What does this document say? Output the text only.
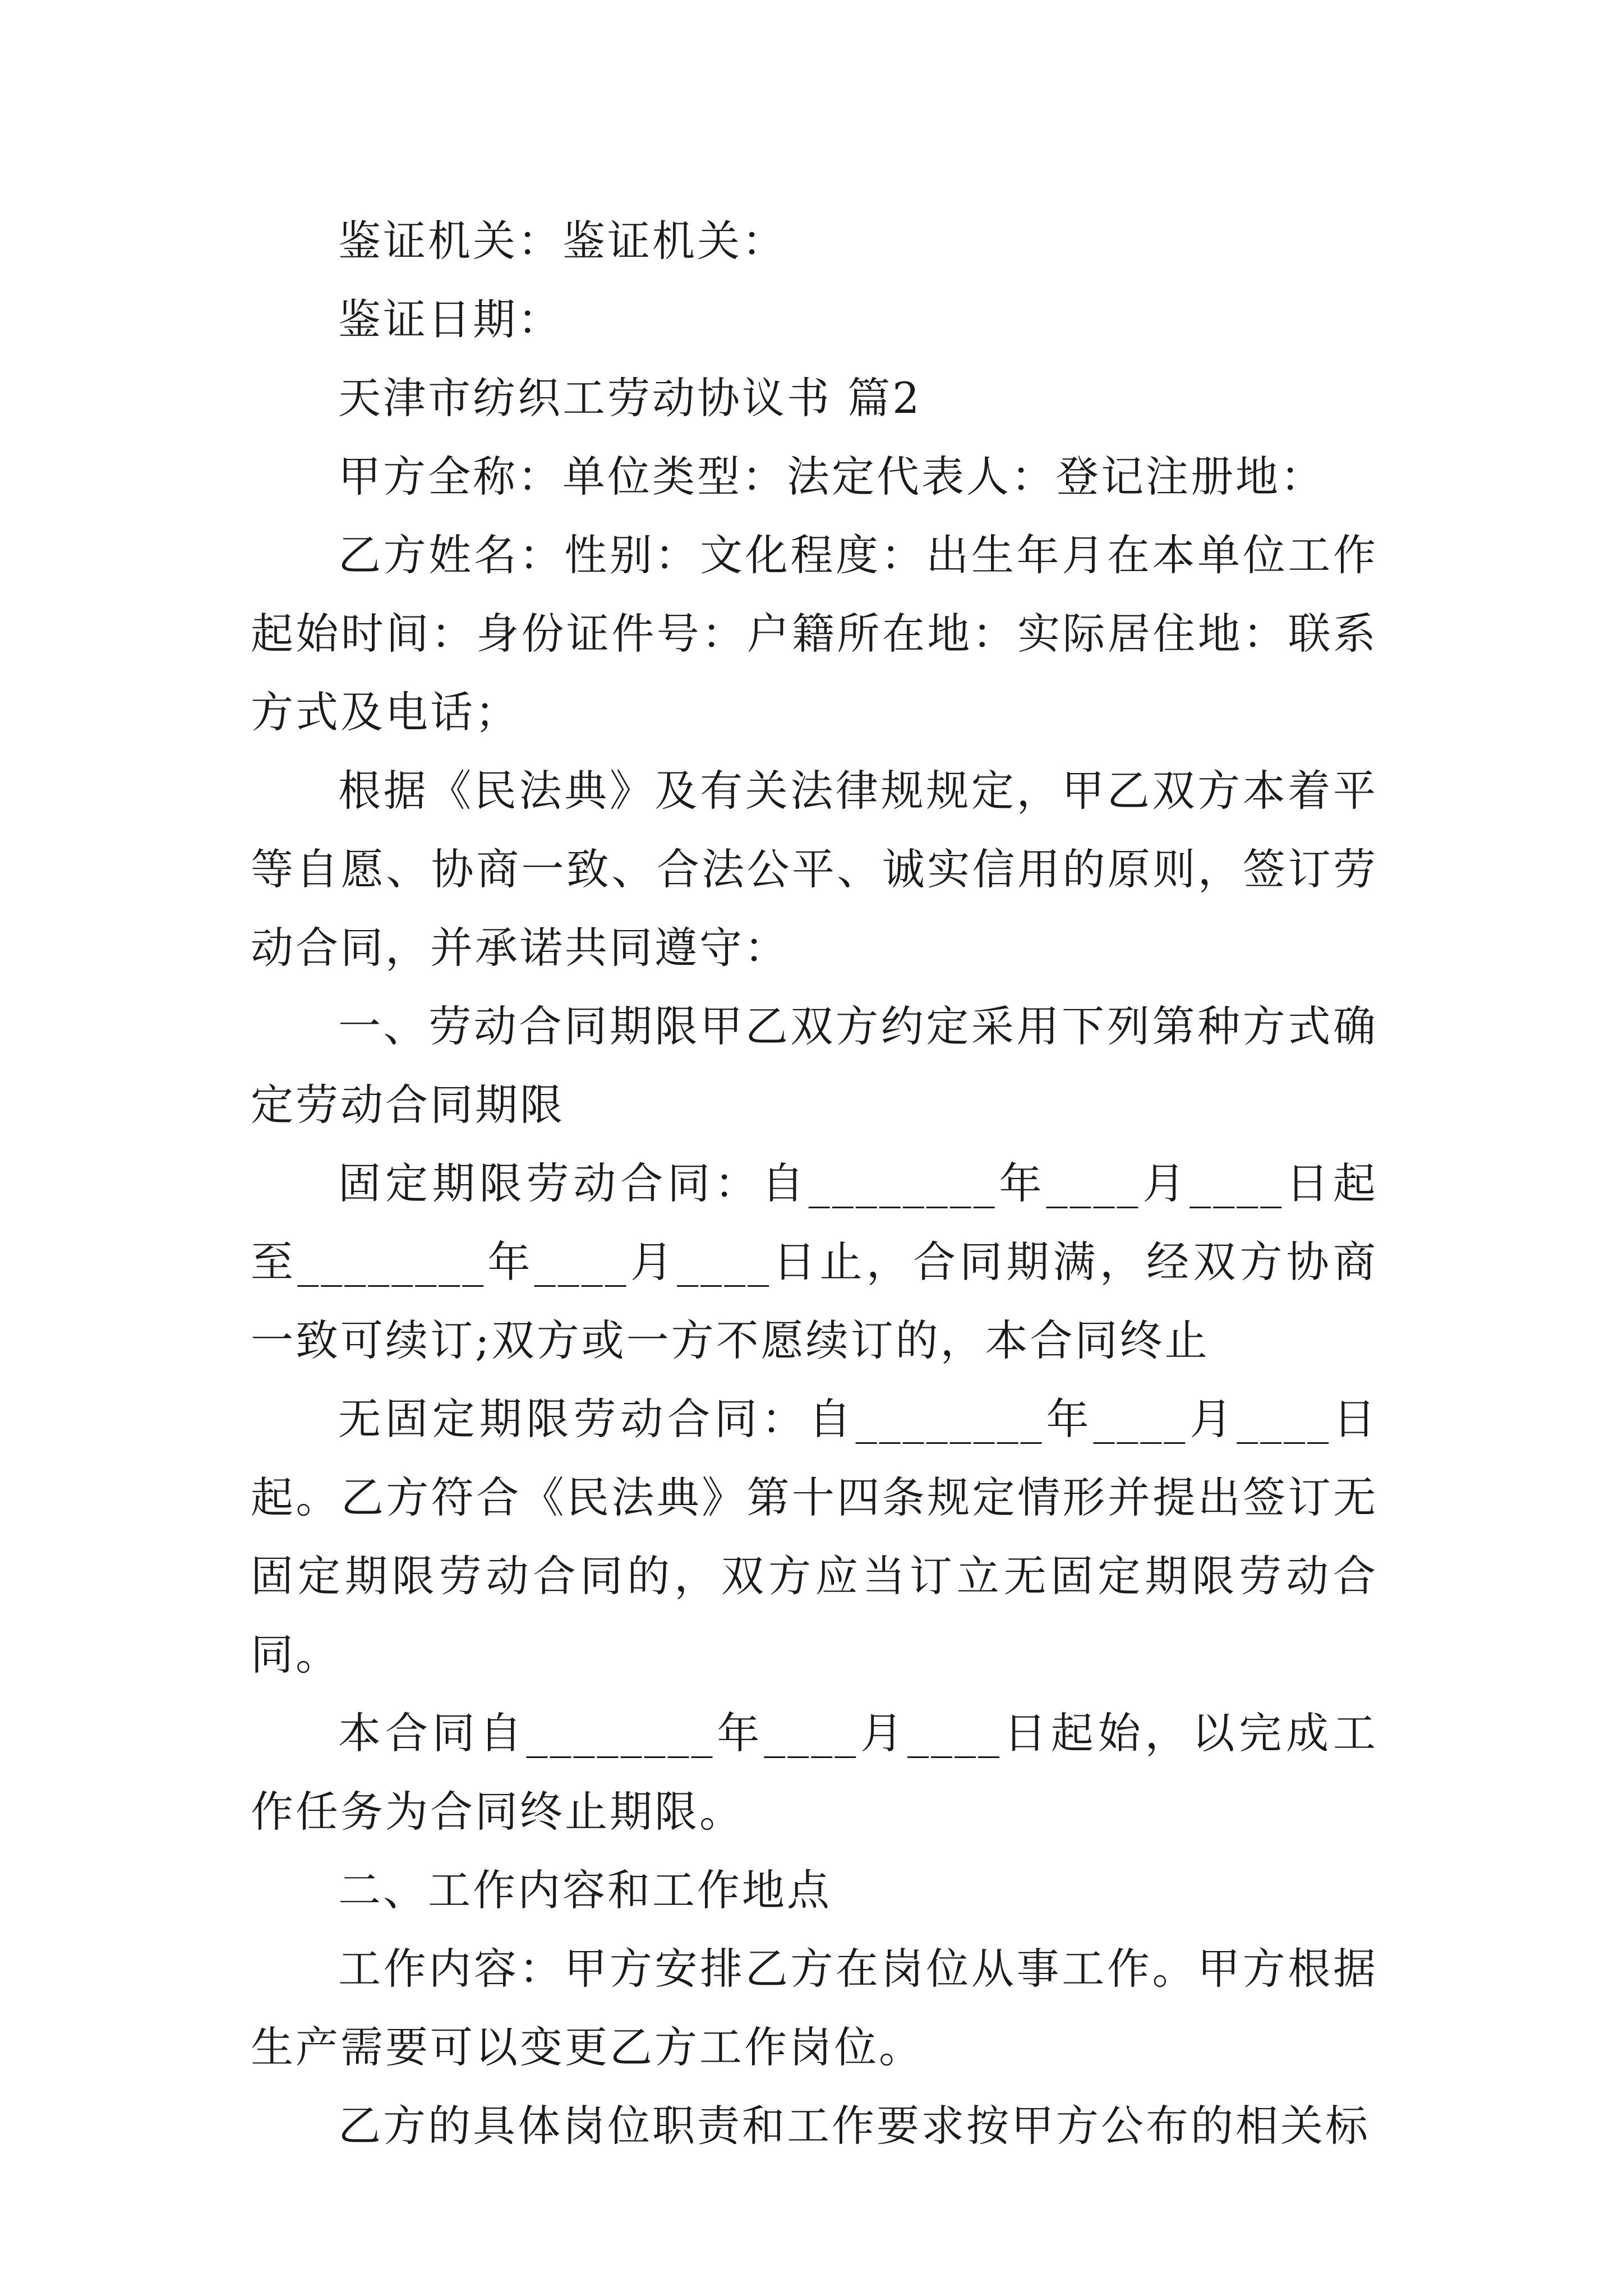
鉴证机关：鉴证机关：

鉴证日期：

天津市纺织工劳动协议书 篇2

甲方全称：单位类型：法定代表人：登记注册地：

乙方姓名：性别：文化程度：出生年月在本单位工作起始时间：身份证件号：户籍所在地：实际居住地：联系方式及电话；

根据《民法典》及有关法律规规定，甲乙双方本着平等自愿、协商一致、合法公平、诚实信用的原则，签订劳动合同，并承诺共同遵守：

一、劳动合同期限甲乙双方约定采用下列第种方式确定劳动合同期限

固定期限劳动合同：自________年____月____日起至________年____月____日止，合同期满，经双方协商一致可续订;双方或一方不愿续订的，本合同终止

无固定期限劳动合同：自________年____月____日起。乙方符合《民法典》第十四条规定情形并提出签订无固定期限劳动合同的，双方应当订立无固定期限劳动合同。

本合同自________年____月____日起始，以完成工作任务为合同终止期限。

二、工作内容和工作地点

工作内容：甲方安排乙方在岗位从事工作。甲方根据生产需要可以变更乙方工作岗位。

乙方的具体岗位职责和工作要求按甲方公布的相关标
